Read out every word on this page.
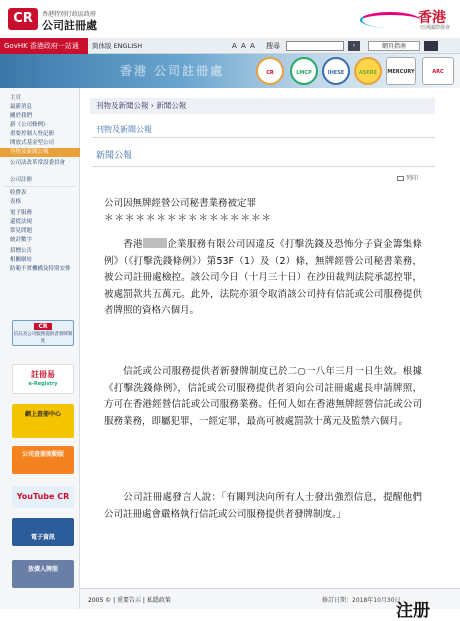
CR	香港特別行政區政府
公司註冊處	香港
亞洲國際都會
GovHK 香港政府一站通	简体版 ENGLISH	A A A 搜尋	›	網頁指南
香港 公司註冊處	CR	LMCP	IHESE	ASERE	MERCURY	ARC
主頁
最新消息
關於我們
新《公司條例》
重要控制人登記冊
開放式基金型公司
刊物及新聞公報
公司法改革常設委員會
公司註冊
收費表
表格
電子服務
還從法規
常見問題
統計數字
招標公告
相關網址
防範不實機構及特別安排
CR
信託及公司服務提供者發牌制度
註冊易
e-Registry
網上查冊中心
公司查冊流動版
YouTube CR
電子資訊
放債人牌照
刊物及新聞公報 › 新聞公報
刊物及新聞公報
新聞公報
列印
公司因無牌經營公司秘書業務被定罪
＊＊＊＊＊＊＊＊＊＊＊＊＊＊＊＊
香港	企業服務有限公司因違反《打擊洗錢及恐怖分子資金籌集條例》（《打擊洗錢條例》）第53F（1）及（2）條，無牌經營公司秘書業務，被公司註冊處檢控。該公司今日（十月三十日）在沙田裁判法院承認控罪，被處罰款共五萬元。此外，法院亦須令取消該公司持有信託或公司服務提供者牌照的資格六個月。
信託或公司服務提供者新發牌制度已於二○一八年三月一日生效。根據《打擊洗錢條例》，信託或公司服務提供者須向公司註冊處處長申請牌照，方可在香港經營信託或公司服務業務。任何人如在香港無牌經營信託或公司服務業務，即屬犯罪，一經定罪，最高可被處罰款十萬元及監禁六個月。
公司註冊處發言人說：「有關判決向所有人士發出強烈信息，提醒他們公司註冊處會嚴格執行信託或公司服務提供者發牌制度。」
2005 © | 重要告示 | 私隱政策	修訂日期：2018年10月30日
注册
